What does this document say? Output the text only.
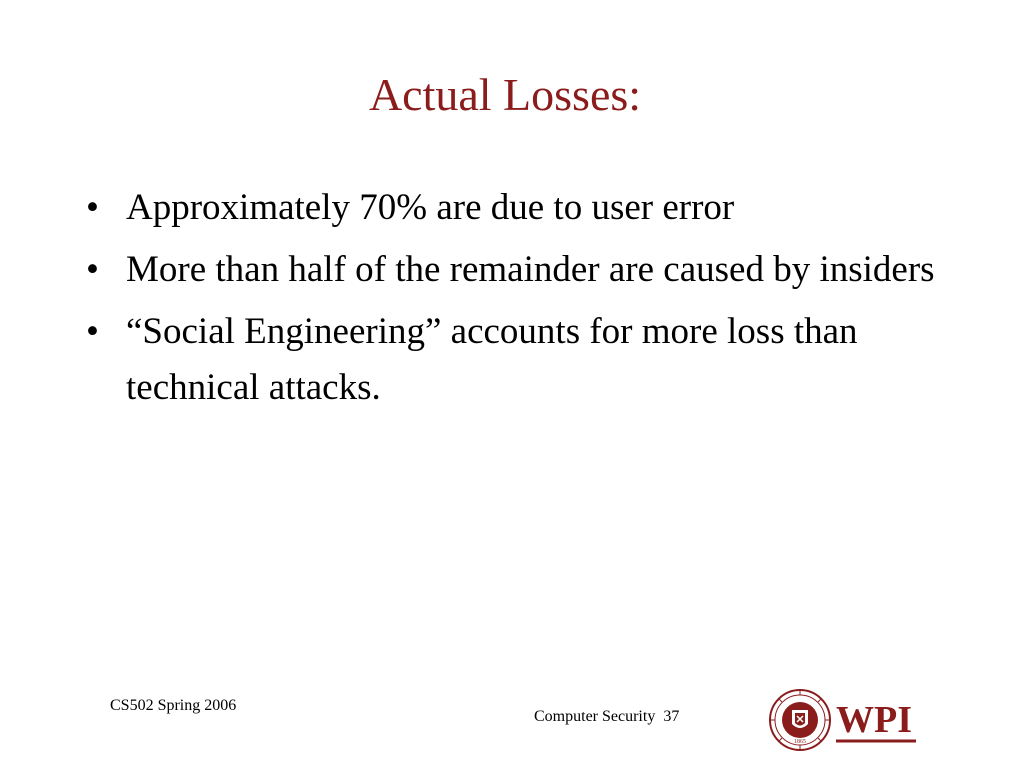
Actual Losses:
• Approximately 70% are due to user error
• More than half of the remainder are caused by insiders
• “Social Engineering” accounts for more loss than technical attacks.
CS502 Spring 2006
Computer Security 37
1865
WPI
